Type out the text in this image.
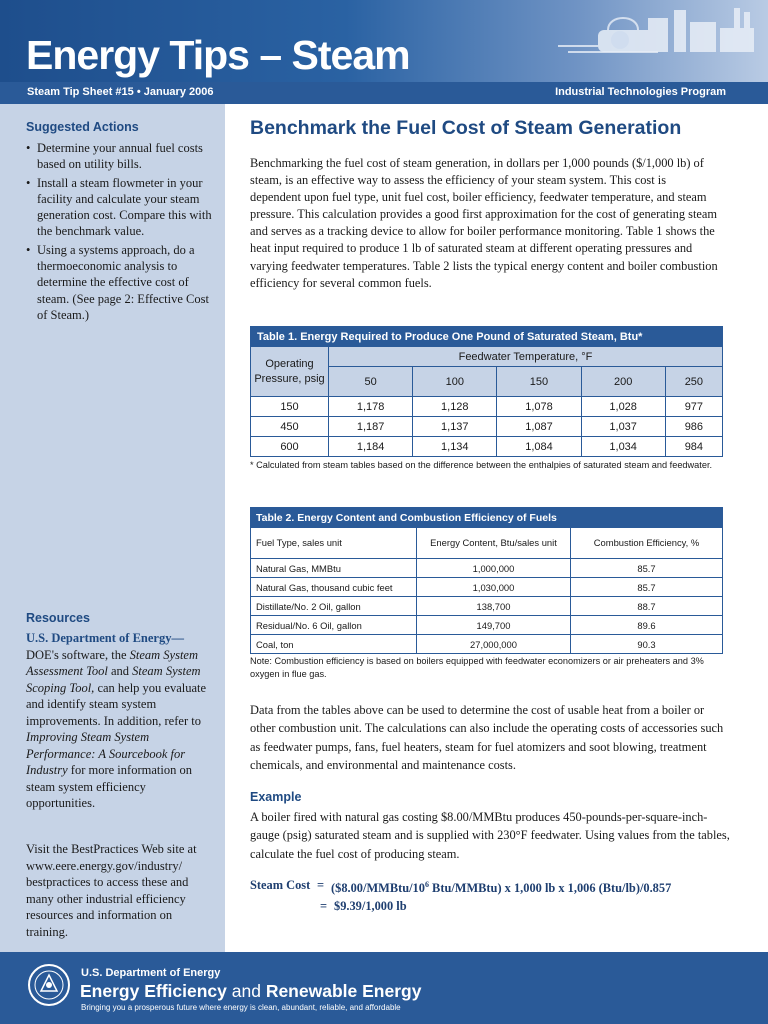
Energy Tips – Steam
Steam Tip Sheet #15 • January 2006	Industrial Technologies Program
Suggested Actions
• Determine your annual fuel costs based on utility bills.
• Install a steam flowmeter in your facility and calculate your steam generation cost. Compare this with the benchmark value.
• Using a systems approach, do a thermoeconomic analysis to determine the effective cost of steam. (See page 2: Effective Cost of Steam.)
Resources

U.S. Department of Energy—DOE's software, the Steam System Assessment Tool and Steam System Scoping Tool, can help you evaluate and identify steam system improvements. In addition, refer to Improving Steam System Performance: A Sourcebook for Industry for more information on steam system efficiency opportunities.

Visit the BestPractices Web site at www.eere.energy.gov/industry/ bestpractices to access these and many other industrial efficiency resources and information on training.

Benchmark the Fuel Cost of Steam Generation

Benchmarking the fuel cost of steam generation, in dollars per 1,000 pounds ($/1,000 lb) of steam, is an effective way to assess the efficiency of your steam system. This cost is dependent upon fuel type, unit fuel cost, boiler efficiency, feedwater temperature, and steam pressure. This calculation provides a good first approximation for the cost of generating steam and serves as a tracking device to allow for boiler performance monitoring. Table 1 shows the heat input required to produce 1 lb of saturated steam at different operating pressures and varying feedwater temperatures. Table 2 lists the typical energy content and boiler combustion efficiency for several common fuels.

Table 1. Energy Required to Produce One Pound of Saturated Steam, Btu*					
Operating Pressure, psig	Feedwater Temperature, °F				
	50	100	150	200	250
150	1,178	1,128	1,078	1,028	977
450	1,187	1,137	1,087	1,037	986
600	1,184	1,134	1,084	1,034	984

* Calculated from steam tables based on the difference between the enthalpies of saturated steam and feedwater.

Table 2. Energy Content and Combustion Efficiency of Fuels		
Fuel Type, sales unit	Energy Content, Btu/sales unit	Combustion Efficiency, %
Natural Gas, MMBtu	1,000,000	85.7
Natural Gas, thousand cubic feet	1,030,000	85.7
Distillate/No. 2 Oil, gallon	138,700	88.7
Residual/No. 6 Oil, gallon	149,700	89.6
Coal, ton	27,000,000	90.3

Note: Combustion efficiency is based on boilers equipped with feedwater economizers or air preheaters and 3% oxygen in flue gas.

Data from the tables above can be used to determine the cost of usable heat from a boiler or other combustion unit. The calculations can also include the operating costs of accessories such as feedwater pumps, fans, fuel heaters, steam for fuel atomizers and soot blowing, treatment chemicals, and environmental and maintenance costs.

Example

A boiler fired with natural gas costing $8.00/MMBtu produces 450-pounds-per-square-inch-gauge (psig) saturated steam and is supplied with 230°F feedwater. Using values from the tables, calculate the fuel cost of producing steam.

Steam Cost = ($\$8.00/MMBtu/10^6$ Btu/MMBtu) x 1,000 lb x 1,006 (Btu/lb)/0.857
= $9.39/1,000 lb
U.S. Department of Energy
Energy Efficiency and Renewable Energy
Bringing you a prosperous future where energy is clean, abundant, reliable, and affordable
